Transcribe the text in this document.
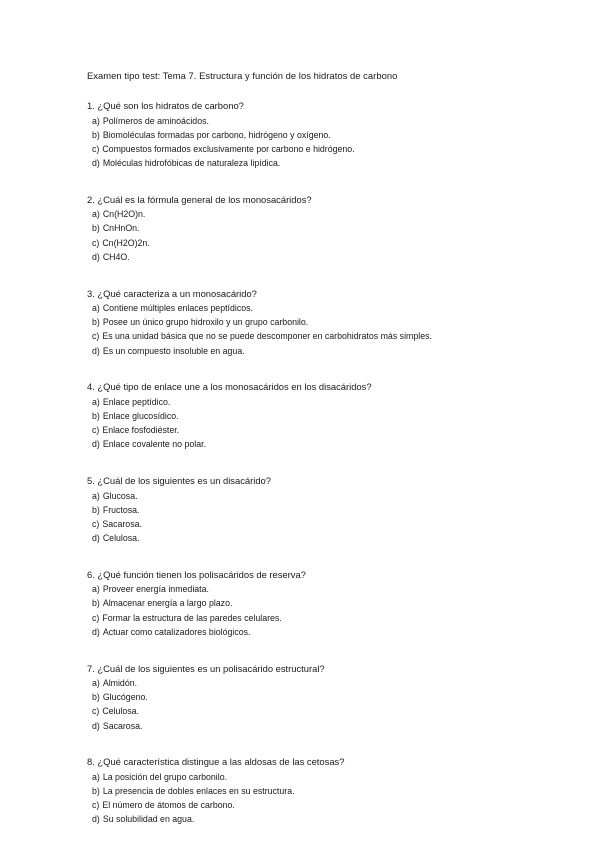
Examen tipo test: Tema 7. Estructura y función de los hidratos de carbono
1. ¿Qué son los hidratos de carbono?
a) Polímeros de aminoácidos.
b) Biomoléculas formadas por carbono, hidrógeno y oxígeno.
c) Compuestos formados exclusivamente por carbono e hidrógeno.
d) Moléculas hidrofóbicas de naturaleza lipídica.
2. ¿Cuál es la fórmula general de los monosacáridos?
a) Cn(H2O)n.
b) CnHnOn.
c) Cn(H2O)2n.
d) CH4O.
3. ¿Qué caracteriza a un monosacárido?
a) Contiene múltiples enlaces peptídicos.
b) Posee un único grupo hidroxilo y un grupo carbonilo.
c) Es una unidad básica que no se puede descomponer en carbohidratos más simples.
d) Es un compuesto insoluble en agua.
4. ¿Qué tipo de enlace une a los monosacáridos en los disacáridos?
a) Enlace peptídico.
b) Enlace glucosídico.
c) Enlace fosfodiéster.
d) Enlace covalente no polar.
5. ¿Cuál de los siguientes es un disacárido?
a) Glucosa.
b) Fructosa.
c) Sacarosa.
d) Celulosa.
6. ¿Qué función tienen los polisacáridos de reserva?
a) Proveer energía inmediata.
b) Almacenar energía a largo plazo.
c) Formar la estructura de las paredes celulares.
d) Actuar como catalizadores biológicos.
7. ¿Cuál de los siguientes es un polisacárido estructural?
a) Almidón.
b) Glucógeno.
c) Celulosa.
d) Sacarosa.
8. ¿Qué característica distingue a las aldosas de las cetosas?
a) La posición del grupo carbonilo.
b) La presencia de dobles enlaces en su estructura.
c) El número de átomos de carbono.
d) Su solubilidad en agua.
